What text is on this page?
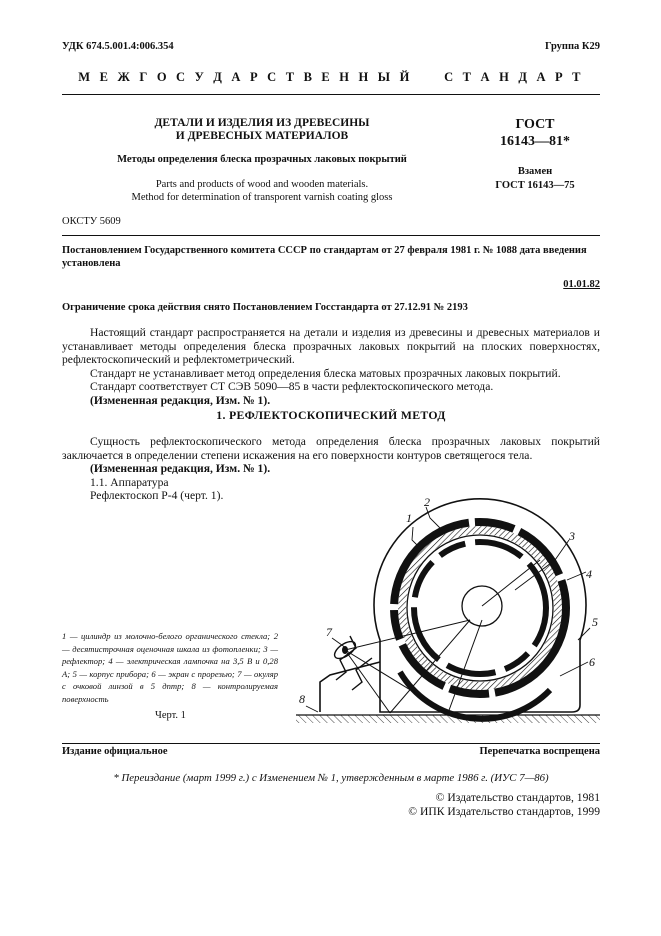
УДК 674.5.001.4:006.354	Группа К29
М Е Ж Г О С У Д А Р С Т В Е Н Н Ы Й     С Т А Н Д А Р Т
ДЕТАЛИ И ИЗДЕЛИЯ ИЗ ДРЕВЕСИНЫ
И ДРЕВЕСНЫХ МАТЕРИАЛОВ
Методы определения блеска прозрачных лаковых покрытий
Parts and products of wood and wooden materials.
Method for determination of transporent varnish coating gloss
ГОСТ
16143—81*
Взамен
ГОСТ 16143—75
ОКСТУ 5609
Постановлением Государственного комитета СССР по стандартам от 27 февраля 1981 г. № 1088 дата введения установлена
01.01.82
Ограничение срока действия снято Постановлением Госстандарта от 27.12.91 № 2193

Настоящий стандарт распространяется на детали и изделия из древесины и древесных материалов и устанавливает методы определения блеска прозрачных лаковых покрытий на плоских поверхностях, рефлектоскопический и рефлектометрический.

Стандарт не устанавливает метод определения блеска матовых прозрачных лаковых покрытий.

Стандарт соответствует СТ СЭВ 5090—85 в части рефлектоскопического метода.

(Измененная редакция, Изм. № 1).

1. РЕФЛЕКТОСКОПИЧЕСКИЙ МЕТОД

Сущность рефлектоскопического метода определения блеска прозрачных лаковых покрытий заключается в определении степени искажения на его поверхности контуров светящегося тела.

(Измененная редакция, Изм. № 1).

1.1. Аппаратура

Рефлектоскоп Р-4 (черт. 1).

1 — цилиндр из молочно-белого органического стекла; 2 — десятистрочная оценочная шкала из фотопленки; 3 — рефлектор; 4 — электрическая лампочка на 3,5 В и 0,28 А; 5 — корпус прибора; 6 — экран с прорезью; 7 — окуляр с очковой линзой в 5 дптр; 8 — контролируемая поверхность
Черт. 1
1
2
3
4
5
6
7
8
Издание официальное	Перепечатка воспрещена
* Переиздание (март 1999 г.) с Изменением № 1, утвержденным в марте 1986 г. (ИУС 7—86)
© Издательство стандартов, 1981
© ИПК Издательство стандартов, 1999
